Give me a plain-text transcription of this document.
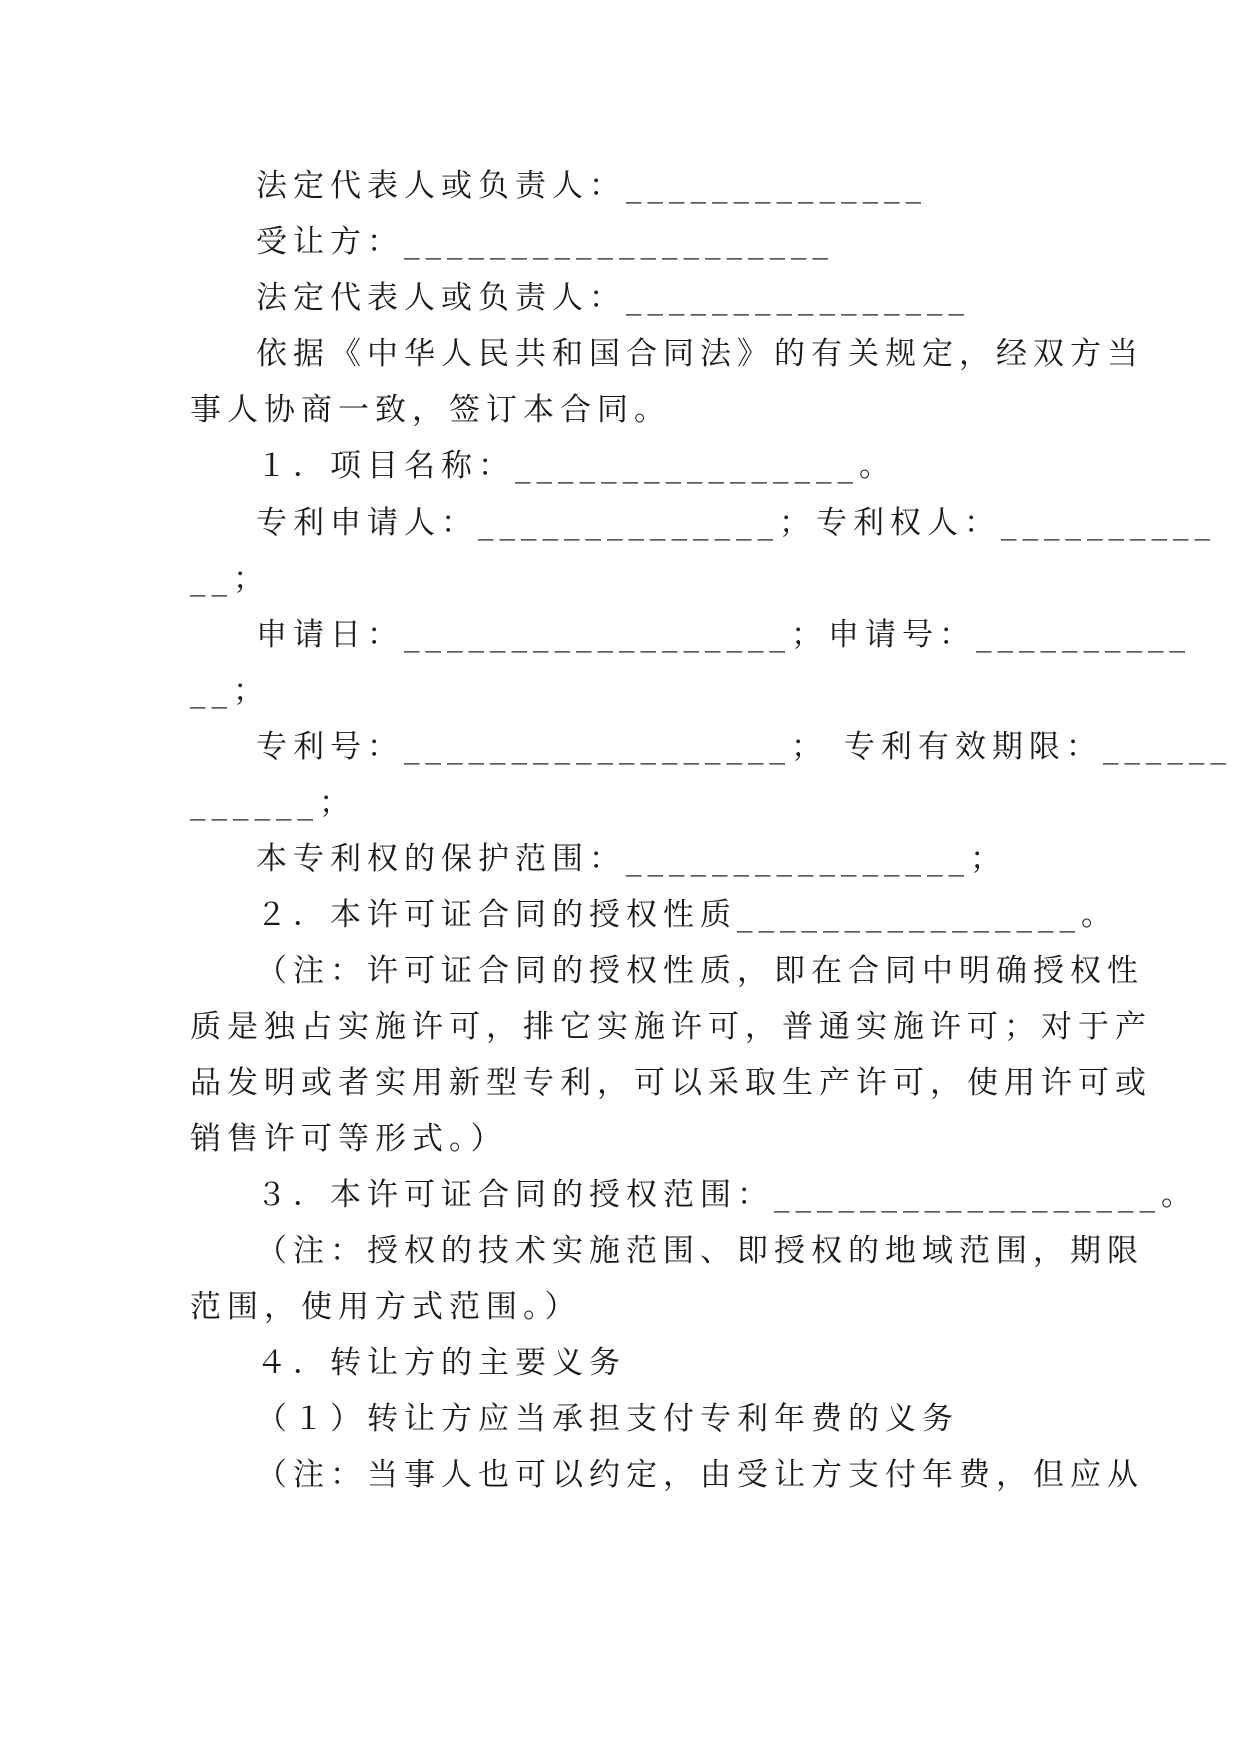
法定代表人或负责人：______________
受让方：____________________
法定代表人或负责人：________________
依据《中华人民共和国合同法》的有关规定，经双方当
事人协商一致，签订本合同。
１．项目名称：________________。
专利申请人：______________；专利权人：__________
__；
申请日：__________________；申请号：__________
__；
专利号：__________________； 专利有效期限：______
______；
本专利权的保护范围：________________；
２．本许可证合同的授权性质________________。
（注：许可证合同的授权性质，即在合同中明确授权性
质是独占实施许可，排它实施许可，普通实施许可；对于产
品发明或者实用新型专利，可以采取生产许可，使用许可或
销售许可等形式。）
３．本许可证合同的授权范围：__________________。
（注：授权的技术实施范围、即授权的地域范围，期限
范围，使用方式范围。）
４．转让方的主要义务
（１）转让方应当承担支付专利年费的义务
（注：当事人也可以约定，由受让方支付年费，但应从
